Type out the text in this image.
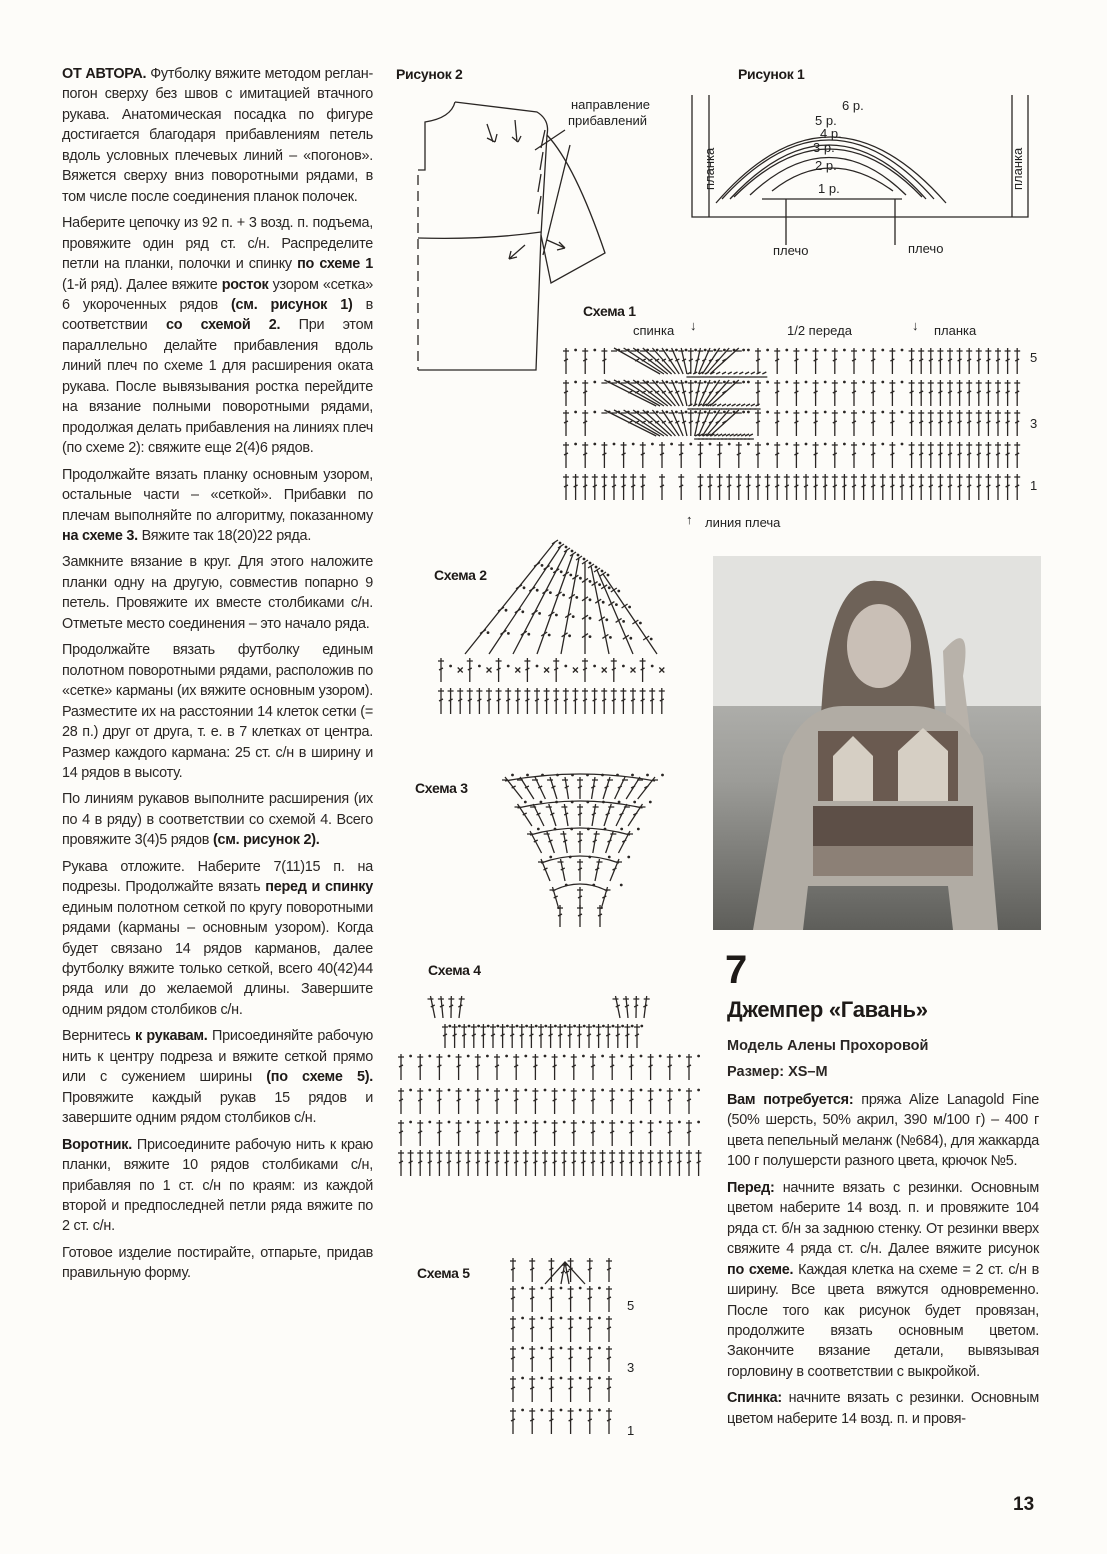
ОТ АВТОРА. Футболку вяжите методом реглан-погон сверху без швов с имитацией втачного рукава. Анатомическая посадка по фигуре достигается благодаря прибавлениям петель вдоль условных плечевых линий – «погонов». Вяжется сверху вниз поворотными рядами, в том числе после соединения планок полочек.

Наберите цепочку из 92 п. + 3 возд. п. подъема, провяжите один ряд ст. с/н. Распределите петли на планки, полочки и спинку по схеме 1 (1-й ряд). Далее вяжите росток узором «сетка» 6 укороченных рядов (см. рисунок 1) в соответствии со схемой 2. При этом параллельно делайте прибавления вдоль линий плеч по схеме 1 для расширения оката рукава. После вывязывания ростка перейдите на вязание полными поворотными рядами, продолжая делать прибавления на линиях плеч (по схеме 2): свяжите еще 2(4)6 рядов.

Продолжайте вязать планку основным узором, остальные части – «сеткой». Прибавки по плечам выполняйте по алгоритму, показанному на схеме 3. Вяжите так 18(20)22 ряда.

Замкните вязание в круг. Для этого наложите планки одну на другую, совместив попарно 9 петель. Провяжите их вместе столбиками с/н. Отметьте место соединения – это начало ряда.

Продолжайте вязать футболку единым полотном поворотными рядами, расположив по «сетке» карманы (их вяжите основным узором). Разместите их на расстоянии 14 клеток сетки (= 28 п.) друг от друга, т. е. в 7 клетках от центра. Размер каждого кармана: 25 ст. с/н в ширину и 14 рядов в высоту.

По линиям рукавов выполните расширения (их по 4 в ряду) в соответствии со схемой 4. Всего провяжите 3(4)5 рядов (см. рисунок 2).

Рукава отложите. Наберите 7(11)15 п. на подрезы. Продолжайте вязать перед и спинку единым полотном сеткой по кругу поворотными рядами (карманы – основным узором). Когда будет связано 14 рядов карманов, далее футболку вяжите только сеткой, всего 40(42)44 ряда или до желаемой длины. Завершите одним рядом столбиков с/н.

Вернитесь к рукавам. Присоединяйте рабочую нить к центру подреза и вяжите сеткой прямо или с сужением ширины (по схеме 5). Провяжите каждый рукав 15 рядов и завершите одним рядом столбиков с/н.

Воротник. Присоедините рабочую нить к краю планки, вяжите 10 рядов столбиками с/н, прибавляя по 1 ст. с/н по краям: из каждой второй и предпоследней петли ряда вяжите по 2 ст. с/н.

Готовое изделие постирайте, отпарьте, придав правильную форму.

Рисунок 2
направление
прибавлений
Рисунок 1
планка	планка
1 р.
2 р.
3 р.
4 р.
5 р.
6 р.
плечо	плечо
Схема 1
спинка ↓	1/2 переда	↓ планка
5
3
1
↑ линия плеча
Схема 2
Схема 3
Схема 4
Схема 5
5
3
1
7
Джемпер «Гавань»
Модель Алены Прохоровой
Размер: XS–M

Вам потребуется: пряжа Alize Lanagold Fine (50% шерсть, 50% акрил, 390 м/100 г) – 400 г цвета пепельный меланж (№684), для жаккарда 100 г полушерсти разного цвета, крючок №5.

Перед: начните вязать с резинки. Основным цветом наберите 14 возд. п. и провяжите 104 ряда ст. б/н за заднюю стенку. От резинки вверх свяжите 4 ряда ст. с/н. Далее вяжите рисунок по схеме. Каждая клетка на схеме = 2 ст. с/н в ширину. Все цвета вяжутся одновременно. После того как рисунок будет провязан, продолжите вязать основным цветом. Закончите вязание детали, вывязывая горловину в соответствии с выкройкой.

Спинка: начните вязать с резинки. Основным цветом наберите 14 возд. п. и провя-

13
